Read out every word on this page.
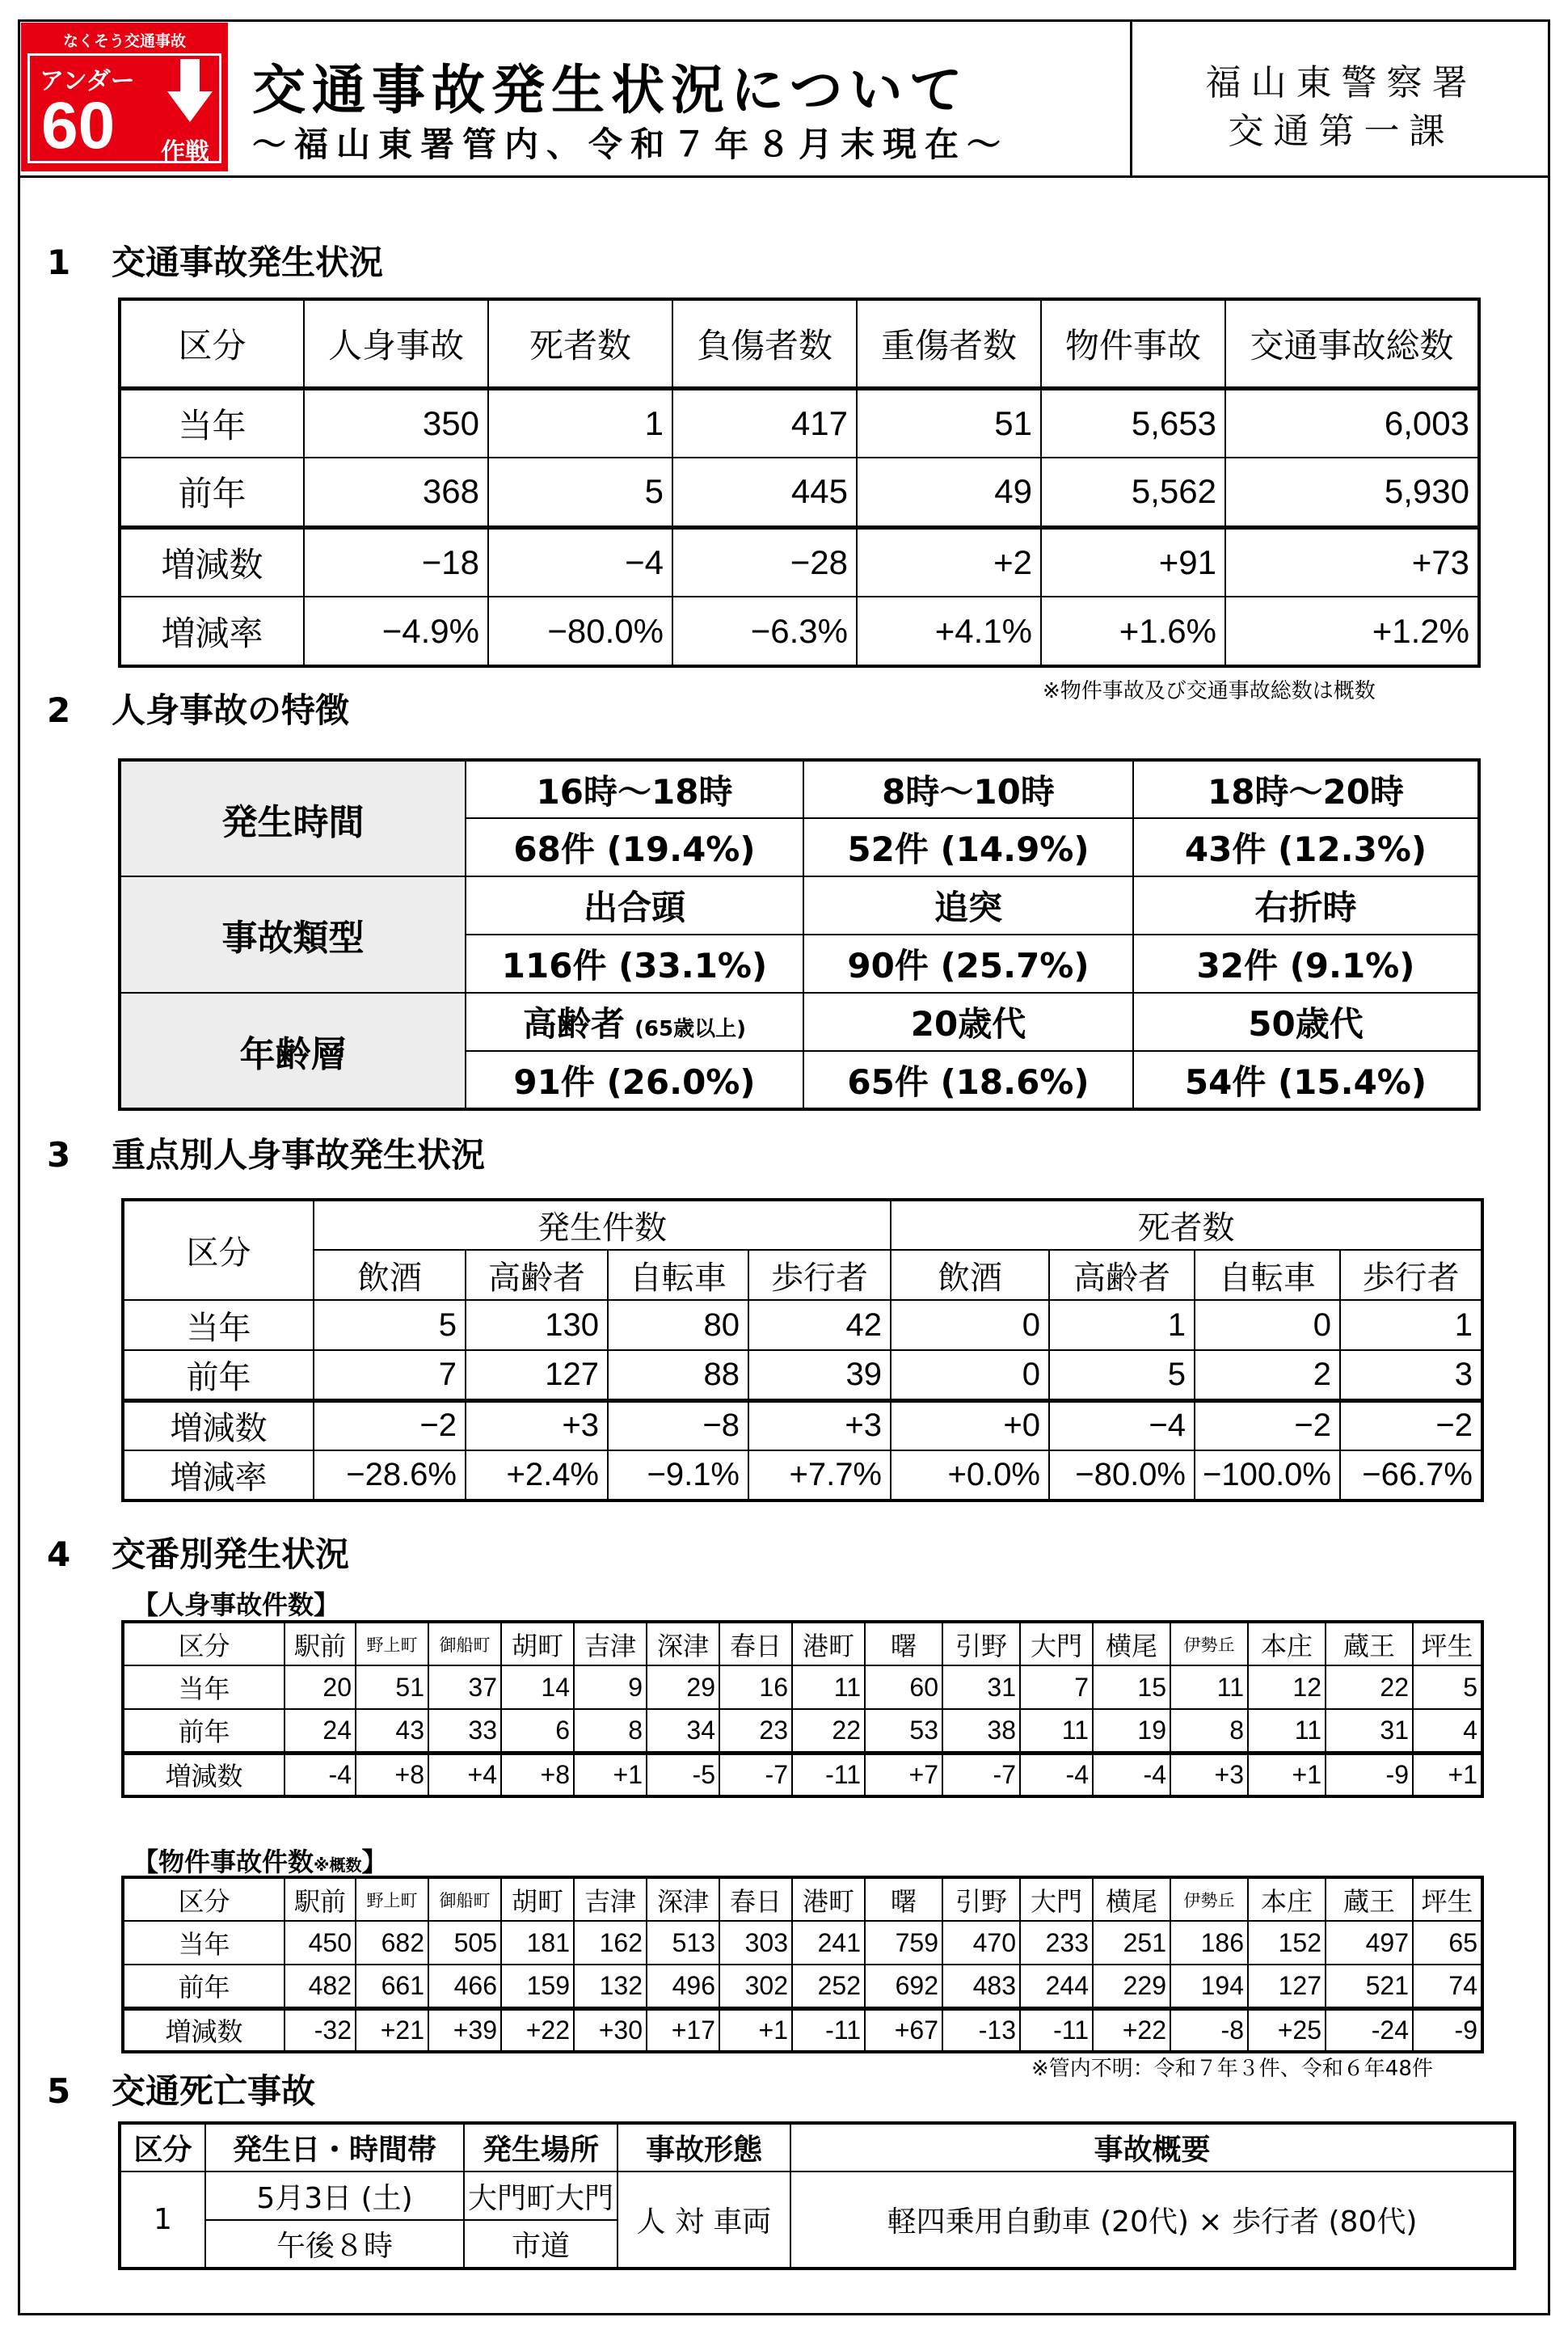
なくそう交通事故
アンダー
60 作戦
交通事故発生状況について
～福山東署管内、令和７年８月末現在～
福山東警察署
交通第一課
1 交通事故発生状況
区分	人身事故	死者数	負傷者数	重傷者数	物件事故	交通事故総数
当年	350	1	417	51	5,653	6,003
前年	368	5	445	49	5,562	5,930
増減数	−18	−4	−28	+2	+91	+73
増減率	−4.9%	−80.0%	−6.3%	+4.1%	+1.6%	+1.2%
※物件事故及び交通事故総数は概数
2 人身事故の特徴
発生時間	16時～18時	8時～10時	18時～20時
	68件 (19.4%)	52件 (14.9%)	43件 (12.3%)
事故類型	出合頭	追突	右折時
	116件 (33.1%)	90件 (25.7%)	32件 (9.1%)
年齢層	高齢者 (65歳以上)	20歳代	50歳代
	91件 (26.0%)	65件 (18.6%)	54件 (15.4%)
3 重点別人身事故発生状況
区分	発生件数				死者数			
	飲酒	高齢者	自転車	歩行者	飲酒	高齢者	自転車	歩行者
当年	5	130	80	42	0	1	0	1
前年	7	127	88	39	0	5	2	3
増減数	−2	+3	−8	+3	+0	−4	−2	−2
増減率	−28.6%	+2.4%	−9.1%	+7.7%	+0.0%	−80.0%	−100.0%	−66.7%
4 交番別発生状況
【人身事故件数】
区分	駅前	野上町	御船町	胡町	吉津	深津	春日	港町	曙	引野	大門	横尾	伊勢丘	本庄	蔵王	坪生
当年	20	51	37	14	9	29	16	11	60	31	7	15	11	12	22	5
前年	24	43	33	6	8	34	23	22	53	38	11	19	8	11	31	4
増減数	-4	+8	+4	+8	+1	-5	-7	-11	+7	-7	-4	-4	+3	+1	-9	+1
【物件事故件数※概数】
区分	駅前	野上町	御船町	胡町	吉津	深津	春日	港町	曙	引野	大門	横尾	伊勢丘	本庄	蔵王	坪生
当年	450	682	505	181	162	513	303	241	759	470	233	251	186	152	497	65
前年	482	661	466	159	132	496	302	252	692	483	244	229	194	127	521	74
増減数	-32	+21	+39	+22	+30	+17	+1	-11	+67	-13	-11	+22	-8	+25	-24	-9
※管内不明：令和７年３件、令和６年48件
5 交通死亡事故
区分	発生日・時間帯	発生場所	事故形態	事故概要
1	5月3日 (土)	大門町大門	人 対 車両	軽四乗用自動車 (20代) × 歩行者 (80代)
	午後８時	市道		
